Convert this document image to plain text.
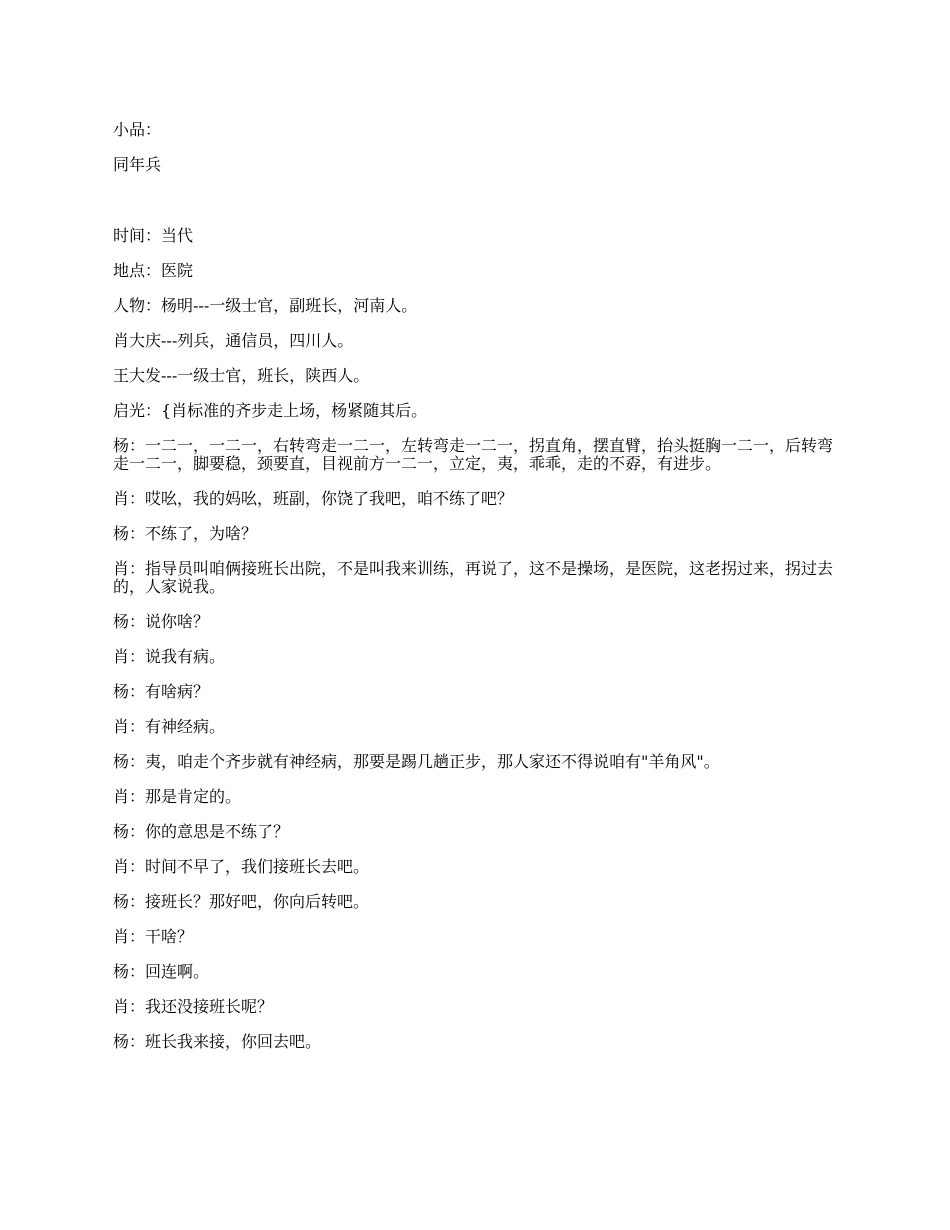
小品：

同年兵

时间：当代

地点：医院

人物：杨明---一级士官，副班长，河南人。

肖大庆---列兵，通信员，四川人。

王大发---一级士官，班长，陕西人。

启光：{肖标准的齐步走上场，杨紧随其后。

杨：一二一，一二一，右转弯走一二一，左转弯走一二一，拐直角，摆直臂，抬头挺胸一二一，后转弯走一二一，脚要稳，颈要直，目视前方一二一，立定，夷，乖乖，走的不孬，有进步。

肖：哎吆，我的妈吆，班副，你饶了我吧，咱不练了吧？

杨：不练了，为啥？

肖：指导员叫咱俩接班长出院，不是叫我来训练，再说了，这不是操场，是医院，这老拐过来，拐过去的，人家说我。

杨：说你啥？

肖：说我有病。

杨：有啥病？

肖：有神经病。

杨：夷，咱走个齐步就有神经病，那要是踢几趟正步，那人家还不得说咱有"羊角风"。

肖：那是肯定的。

杨：你的意思是不练了？

肖：时间不早了，我们接班长去吧。

杨：接班长？那好吧，你向后转吧。

肖：干啥？

杨：回连啊。

肖：我还没接班长呢？

杨：班长我来接，你回去吧。
